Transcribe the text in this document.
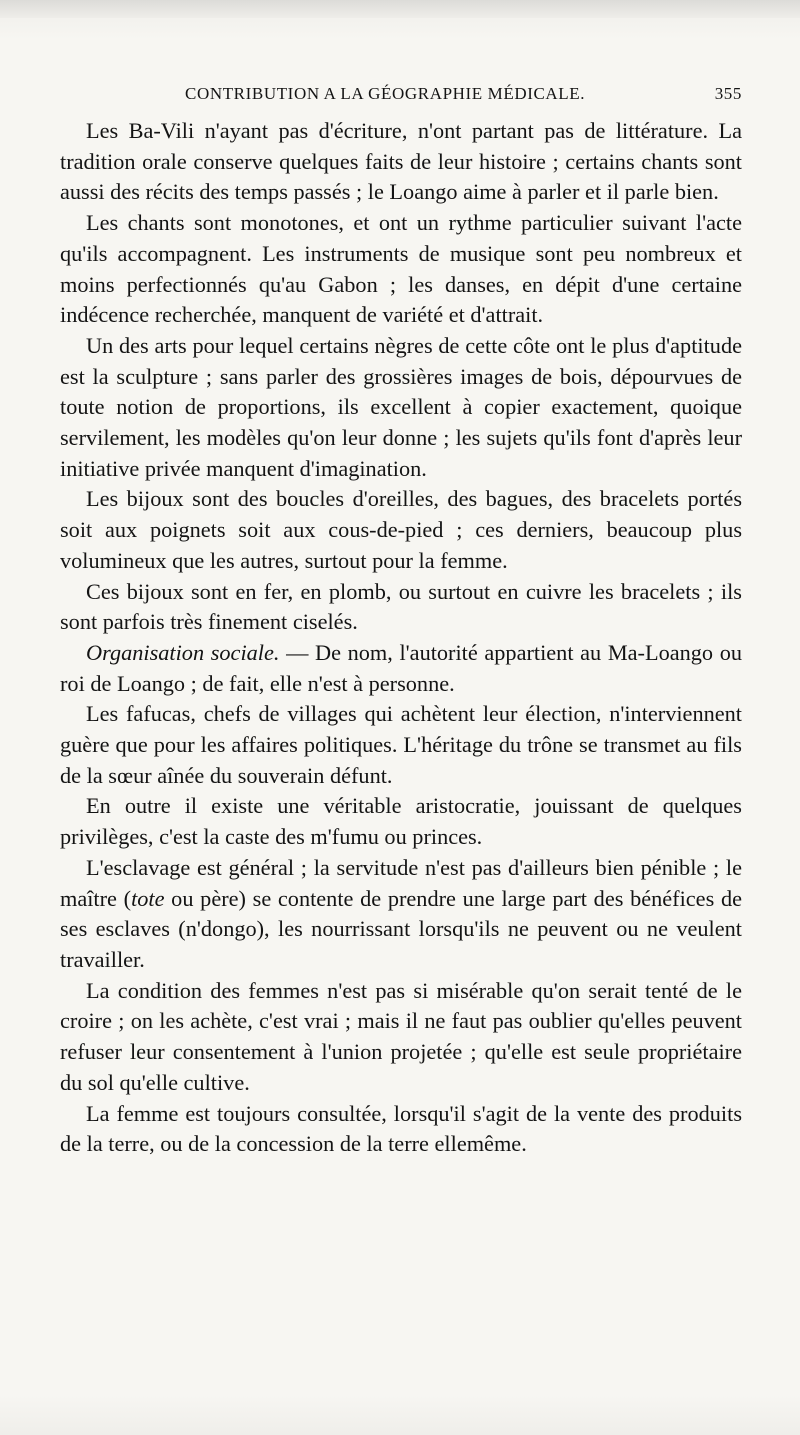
CONTRIBUTION A LA GÉOGRAPHIE MÉDICALE.	355

Les Ba-Vili n'ayant pas d'écriture, n'ont partant pas de littérature. La tradition orale conserve quelques faits de leur histoire ; certains chants sont aussi des récits des temps passés ; le Loango aime à parler et il parle bien.

Les chants sont monotones, et ont un rythme particulier suivant l'acte qu'ils accompagnent. Les instruments de musique sont peu nombreux et moins perfectionnés qu'au Gabon ; les danses, en dépit d'une certaine indécence recherchée, manquent de variété et d'attrait.

Un des arts pour lequel certains nègres de cette côte ont le plus d'aptitude est la sculpture ; sans parler des grossières images de bois, dépourvues de toute notion de proportions, ils excellent à copier exactement, quoique servilement, les modèles qu'on leur donne ; les sujets qu'ils font d'après leur initiative privée manquent d'imagination.

Les bijoux sont des boucles d'oreilles, des bagues, des bracelets portés soit aux poignets soit aux cous-de-pied ; ces derniers, beaucoup plus volumineux que les autres, surtout pour la femme.

Ces bijoux sont en fer, en plomb, ou surtout en cuivre les bracelets ; ils sont parfois très finement ciselés.

Organisation sociale. — De nom, l'autorité appartient au Ma-Loango ou roi de Loango ; de fait, elle n'est à personne.

Les fafucas, chefs de villages qui achètent leur élection, n'interviennent guère que pour les affaires politiques. L'héritage du trône se transmet au fils de la sœur aînée du souverain défunt.

En outre il existe une véritable aristocratie, jouissant de quelques privilèges, c'est la caste des m'fumu ou princes.

L'esclavage est général ; la servitude n'est pas d'ailleurs bien pénible ; le maître (tote ou père) se contente de prendre une large part des bénéfices de ses esclaves (n'dongo), les nourrissant lorsqu'ils ne peuvent ou ne veulent travailler.

La condition des femmes n'est pas si misérable qu'on serait tenté de le croire ; on les achète, c'est vrai ; mais il ne faut pas oublier qu'elles peuvent refuser leur consentement à l'union projetée ; qu'elle est seule propriétaire du sol qu'elle cultive.

La femme est toujours consultée, lorsqu'il s'agit de la vente des produits de la terre, ou de la concession de la terre ellemême.
